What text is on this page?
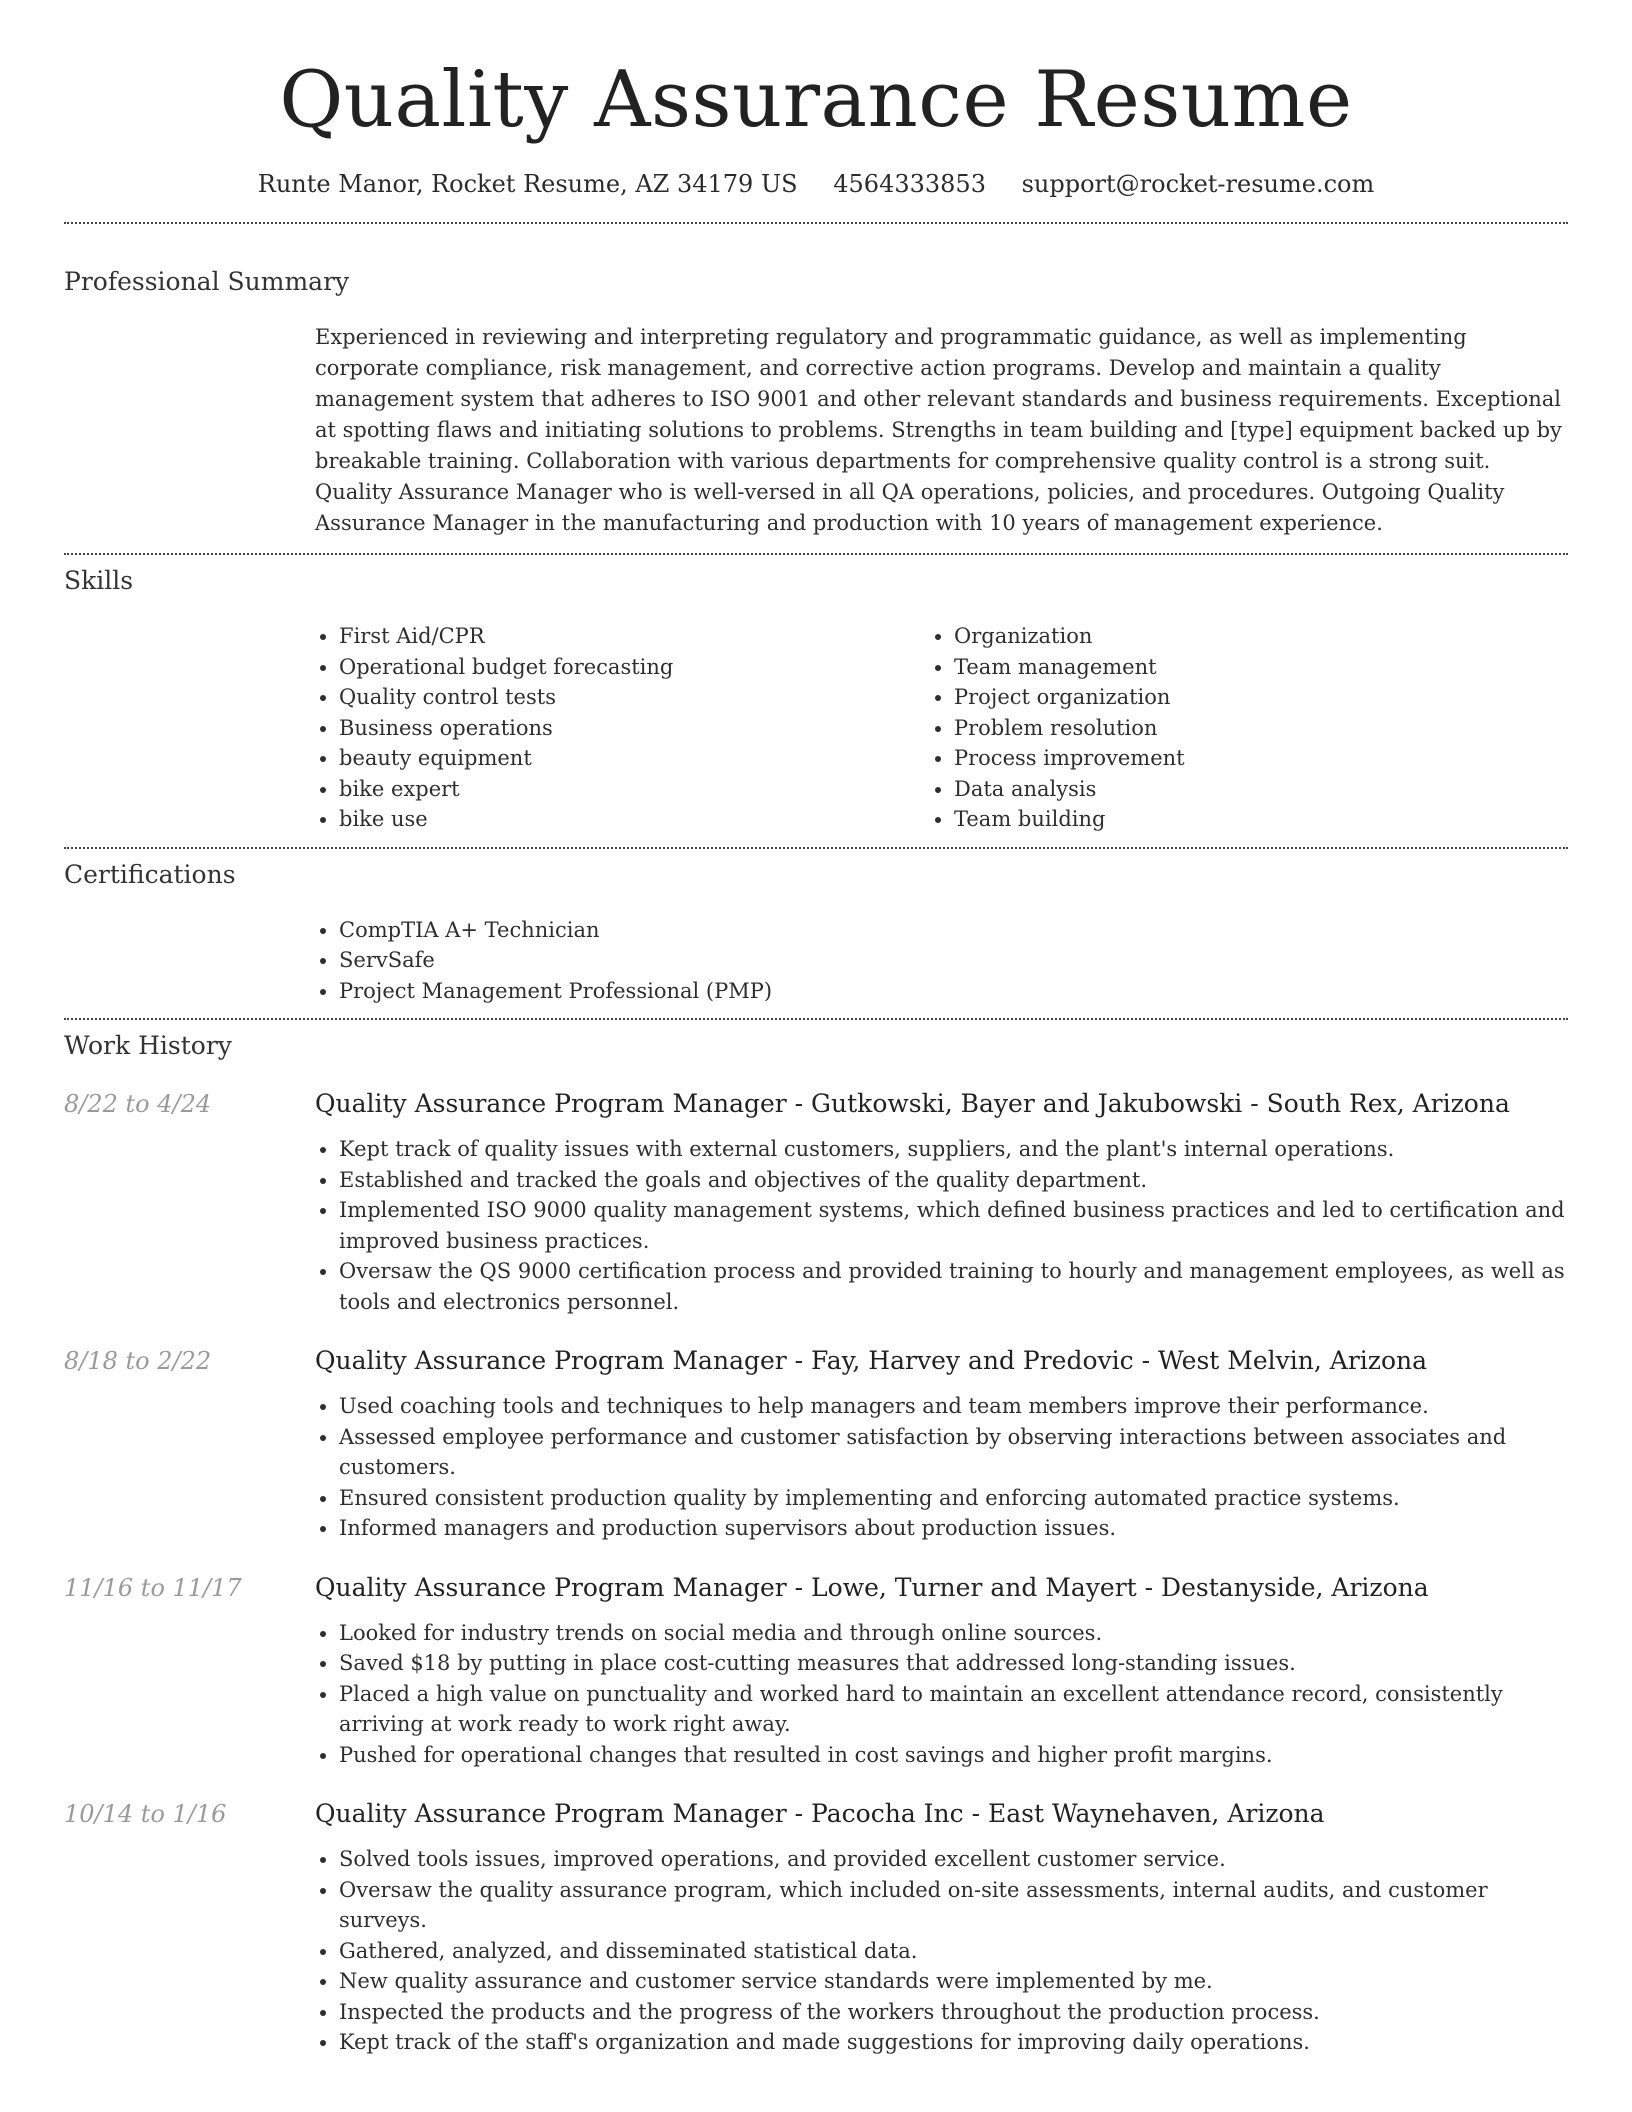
Quality Assurance Resume
Runte Manor, Rocket Resume, AZ 34179 US 4564333853 support@rocket-resume.com
Professional Summary

Experienced in reviewing and interpreting regulatory and programmatic guidance, as well as implementing corporate compliance, risk management, and corrective action programs. Develop and maintain a quality management system that adheres to ISO 9001 and other relevant standards and business requirements. Exceptional at spotting flaws and initiating solutions to problems. Strengths in team building and [type] equipment backed up by breakable training. Collaboration with various departments for comprehensive quality control is a strong suit. Quality Assurance Manager who is well-versed in all QA operations, policies, and procedures. Outgoing Quality Assurance Manager in the manufacturing and production with 10 years of management experience.

Skills
• First Aid/CPR
• Operational budget forecasting
• Quality control tests
• Business operations
• beauty equipment
• bike expert
• bike use
• Organization
• Team management
• Project organization
• Problem resolution
• Process improvement
• Data analysis
• Team building
Certifications
• CompTIA A+ Technician
• ServSafe
• Project Management Professional (PMP)
Work History
8/22 to 4/24	Quality Assurance Program Manager - Gutkowski, Bayer and Jakubowski - South Rex, Arizona
• Kept track of quality issues with external customers, suppliers, and the plant's internal operations.
• Established and tracked the goals and objectives of the quality department.
• Implemented ISO 9000 quality management systems, which defined business practices and led to certification and improved business practices.
• Oversaw the QS 9000 certification process and provided training to hourly and management employees, as well as tools and electronics personnel.
8/18 to 2/22	Quality Assurance Program Manager - Fay, Harvey and Predovic - West Melvin, Arizona
• Used coaching tools and techniques to help managers and team members improve their performance.
• Assessed employee performance and customer satisfaction by observing interactions between associates and customers.
• Ensured consistent production quality by implementing and enforcing automated practice systems.
• Informed managers and production supervisors about production issues.
11/16 to 11/17	Quality Assurance Program Manager - Lowe, Turner and Mayert - Destanyside, Arizona
• Looked for industry trends on social media and through online sources.
• Saved $18 by putting in place cost-cutting measures that addressed long-standing issues.
• Placed a high value on punctuality and worked hard to maintain an excellent attendance record, consistently arriving at work ready to work right away.
• Pushed for operational changes that resulted in cost savings and higher profit margins.
10/14 to 1/16	Quality Assurance Program Manager - Pacocha Inc - East Waynehaven, Arizona
• Solved tools issues, improved operations, and provided excellent customer service.
• Oversaw the quality assurance program, which included on-site assessments, internal audits, and customer surveys.
• Gathered, analyzed, and disseminated statistical data.
• New quality assurance and customer service standards were implemented by me.
• Inspected the products and the progress of the workers throughout the production process.
• Kept track of the staff's organization and made suggestions for improving daily operations.
